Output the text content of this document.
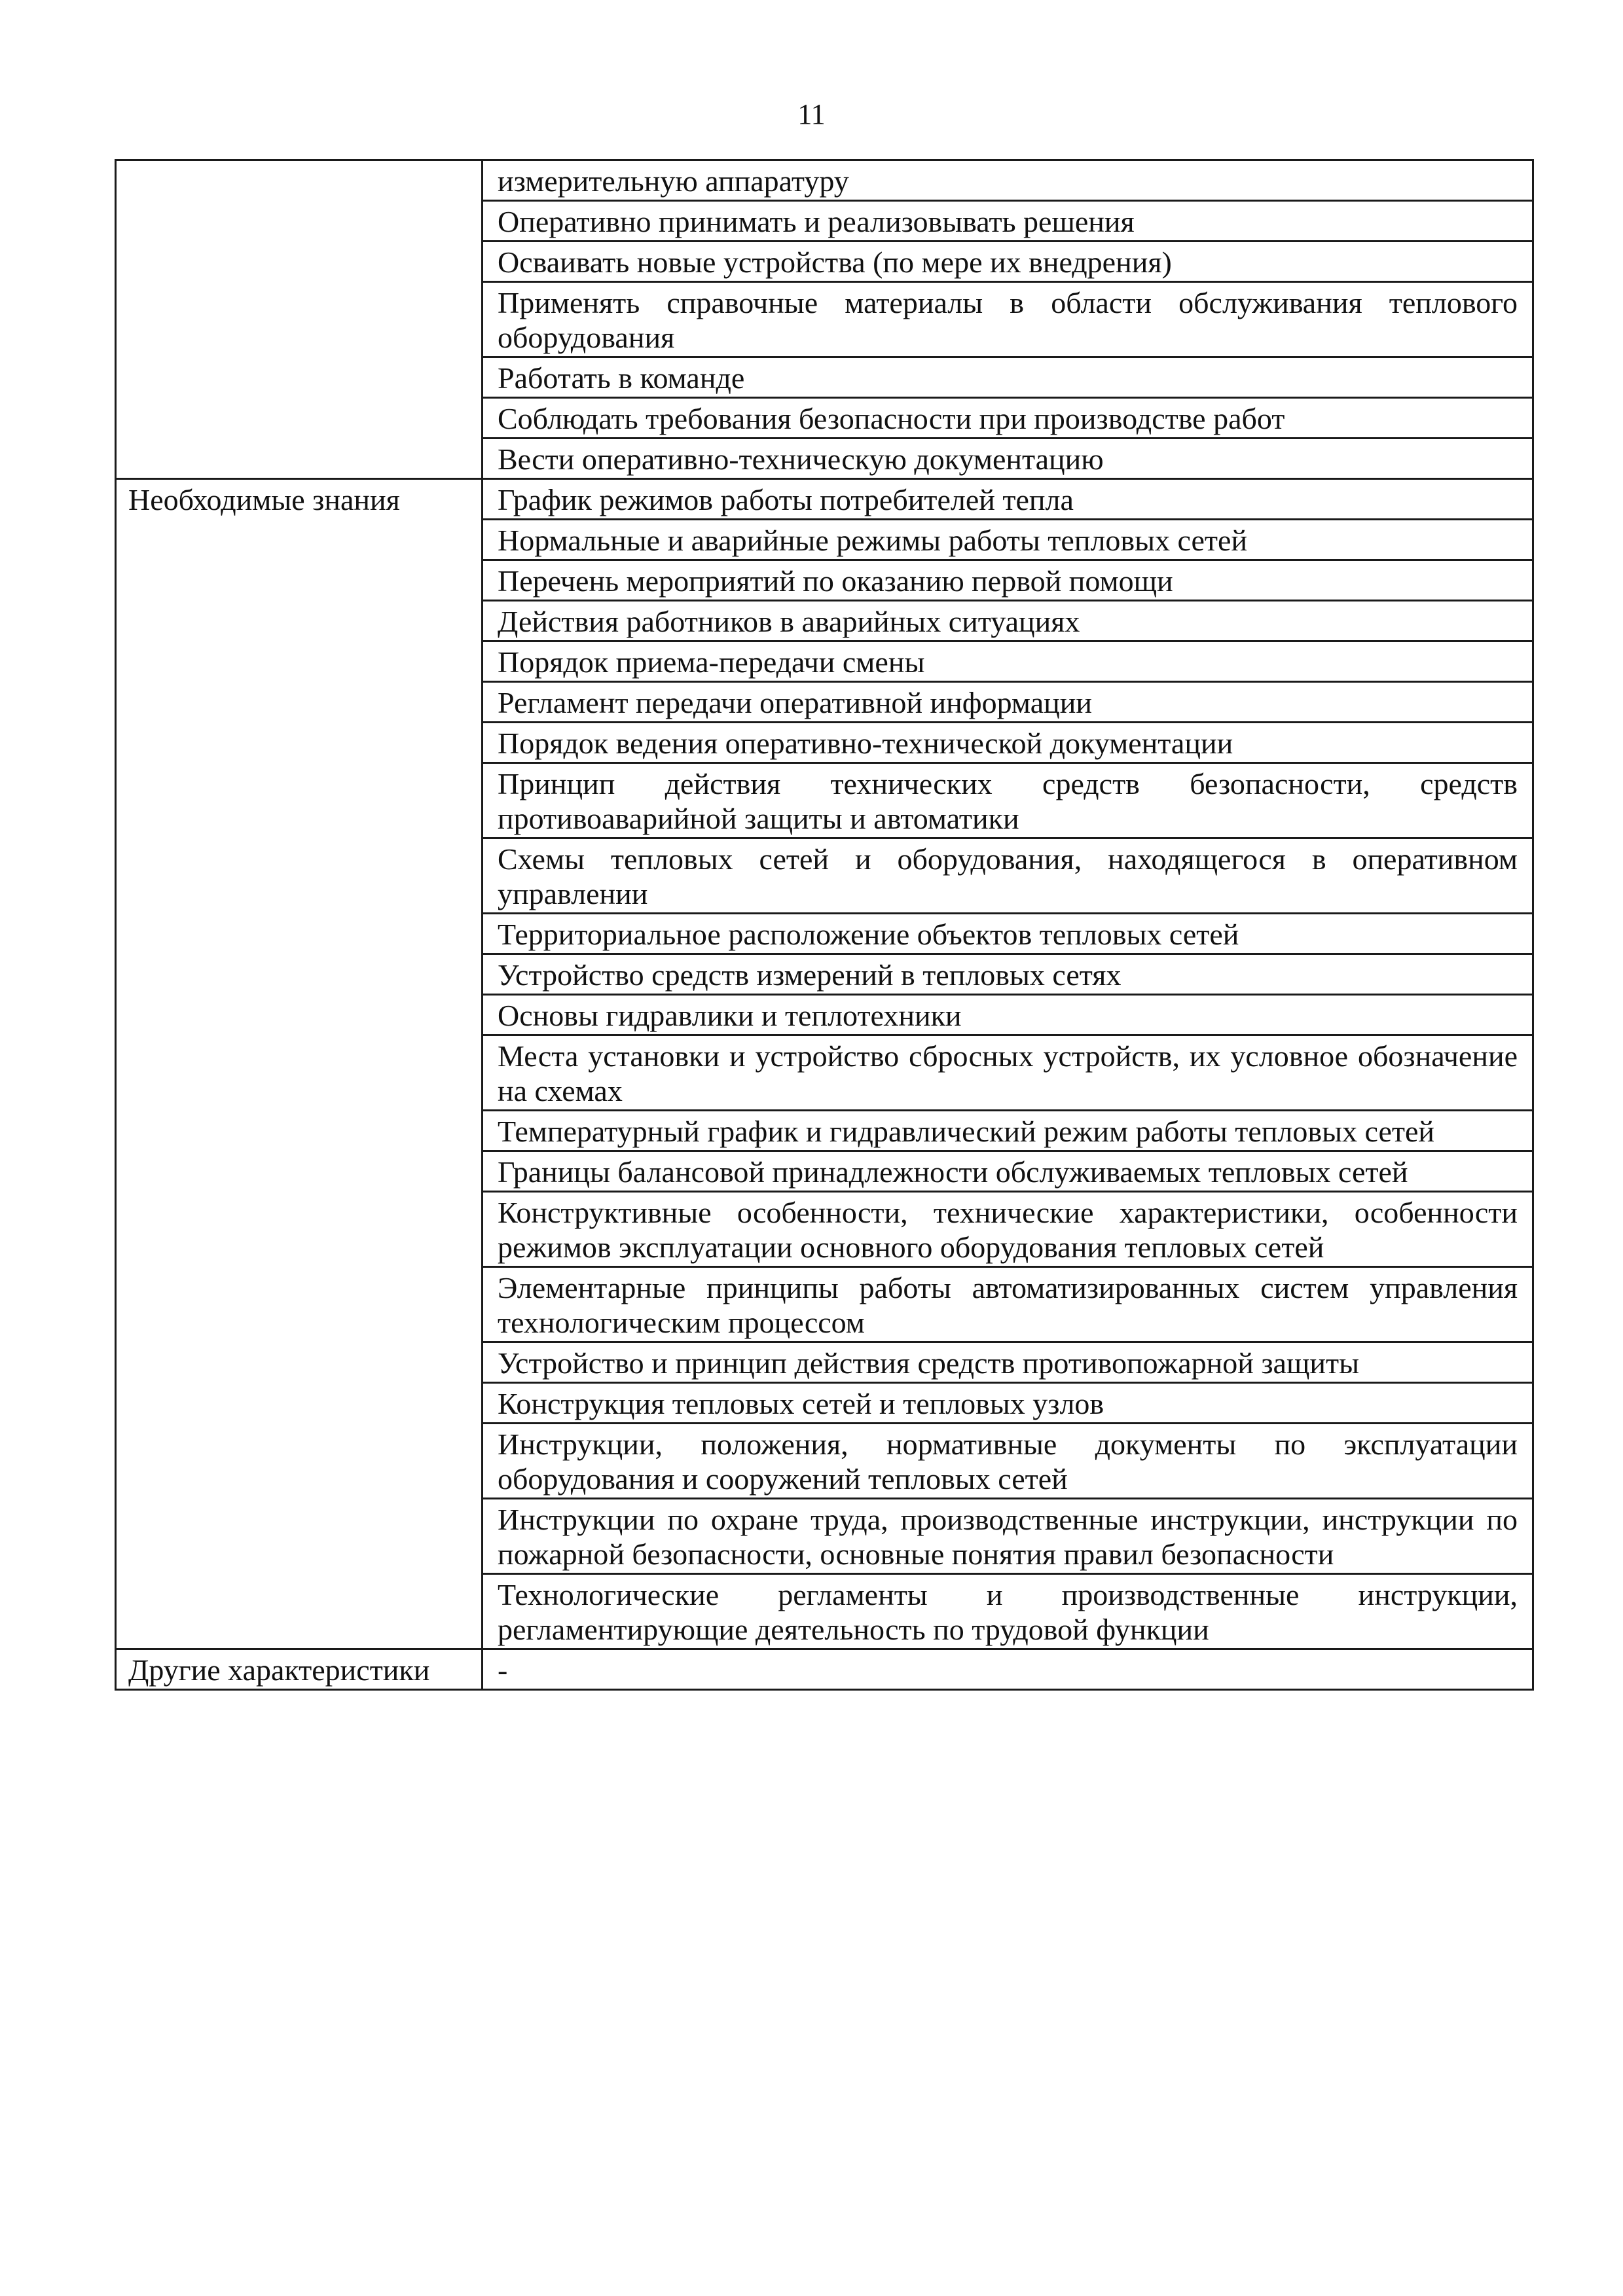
11
	измерительную аппаратуру
	Оперативно принимать и реализовывать решения
	Осваивать новые устройства (по мере их внедрения)
	Применять справочные материалы в области обслуживания теплового оборудования
	Работать в команде
	Соблюдать требования безопасности при производстве работ
	Вести оперативно-техническую документацию
Необходимые знания	График режимов работы потребителей тепла
	Нормальные и аварийные режимы работы тепловых сетей
	Перечень мероприятий по оказанию первой помощи
	Действия работников в аварийных ситуациях
	Порядок приема-передачи смены
	Регламент передачи оперативной информации
	Порядок ведения оперативно-технической документации
	Принцип действия технических средств безопасности, средств противоаварийной защиты и автоматики
	Схемы тепловых сетей и оборудования, находящегося в оперативном управлении
	Территориальное расположение объектов тепловых сетей
	Устройство средств измерений в тепловых сетях
	Основы гидравлики и теплотехники
	Места установки и устройство сбросных устройств, их условное обозначение на схемах
	Температурный график и гидравлический режим работы тепловых сетей
	Границы балансовой принадлежности обслуживаемых тепловых сетей
	Конструктивные особенности, технические характеристики, особенности режимов эксплуатации основного оборудования тепловых сетей
	Элементарные принципы работы автоматизированных систем управления технологическим процессом
	Устройство и принцип действия средств противопожарной защиты
	Конструкция тепловых сетей и тепловых узлов
	Инструкции, положения, нормативные документы по эксплуатации оборудования и сооружений тепловых сетей
	Инструкции по охране труда, производственные инструкции, инструкции по пожарной безопасности, основные понятия правил безопасности
	Технологические регламенты и производственные инструкции, регламентирующие деятельность по трудовой функции
Другие характеристики	-
